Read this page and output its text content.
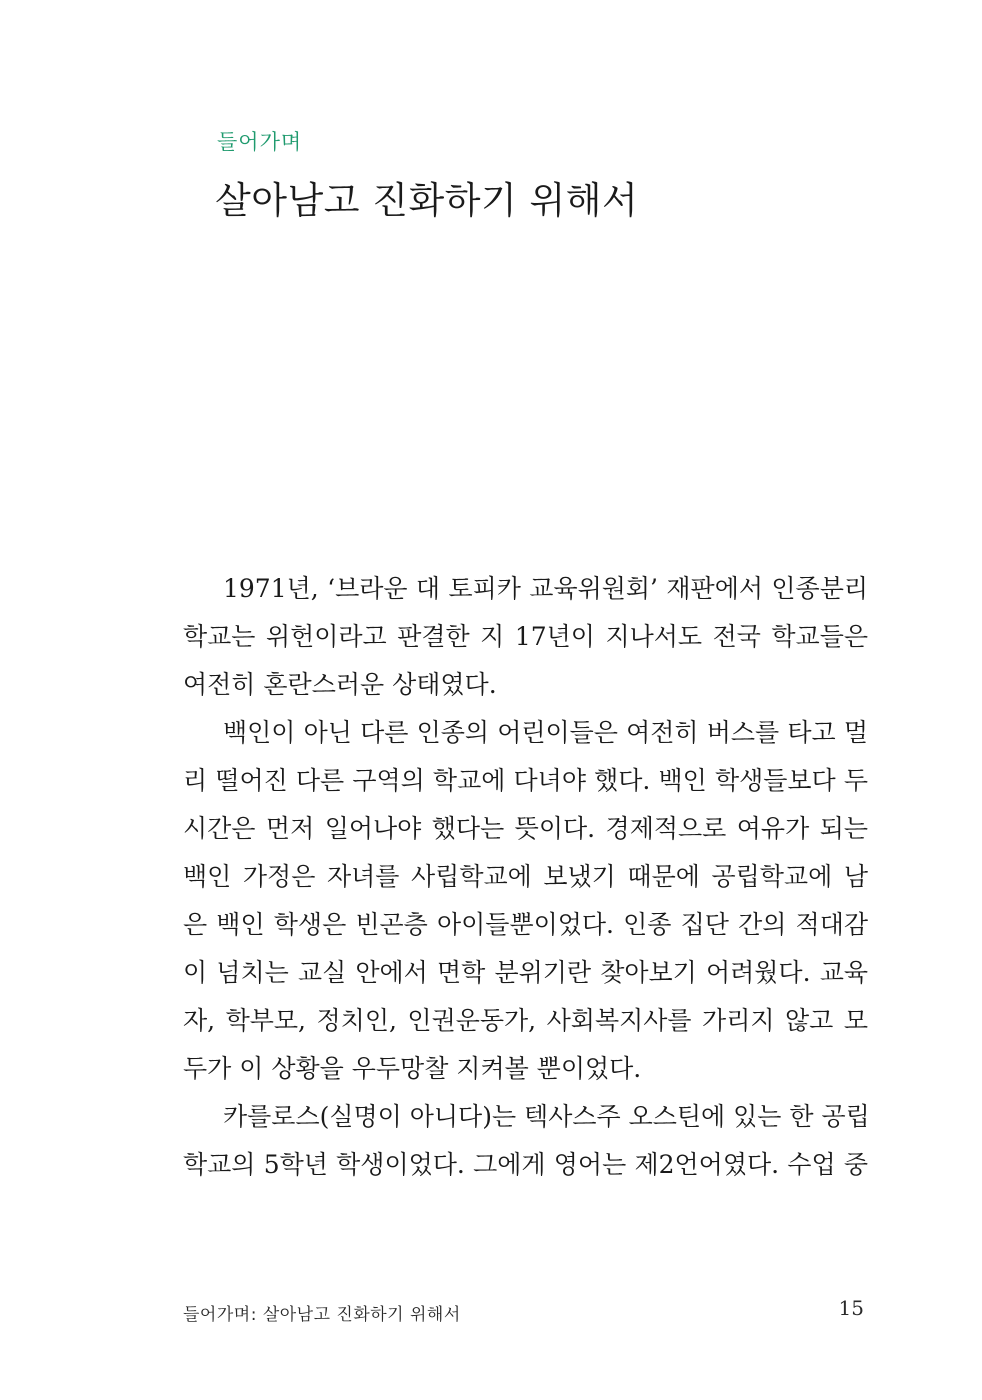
들어가며
살아남고 진화하기 위해서
1971년, ‘브라운 대 토피카 교육위원회’ 재판에서 인종분리
학교는 위헌이라고 판결한 지 17년이 지나서도 전국 학교들은
여전히 혼란스러운 상태였다.
백인이 아닌 다른 인종의 어린이들은 여전히 버스를 타고 멀
리 떨어진 다른 구역의 학교에 다녀야 했다. 백인 학생들보다 두
시간은 먼저 일어나야 했다는 뜻이다. 경제적으로 여유가 되는
백인 가정은 자녀를 사립학교에 보냈기 때문에 공립학교에 남
은 백인 학생은 빈곤층 아이들뿐이었다. 인종 집단 간의 적대감
이 넘치는 교실 안에서 면학 분위기란 찾아보기 어려웠다. 교육
자, 학부모, 정치인, 인권운동가, 사회복지사를 가리지 않고 모
두가 이 상황을 우두망찰 지켜볼 뿐이었다.
카를로스(실명이 아니다)는 텍사스주 오스틴에 있는 한 공립
학교의 5학년 학생이었다. 그에게 영어는 제2언어였다. 수업 중
들어가며: 살아남고 진화하기 위해서	15
